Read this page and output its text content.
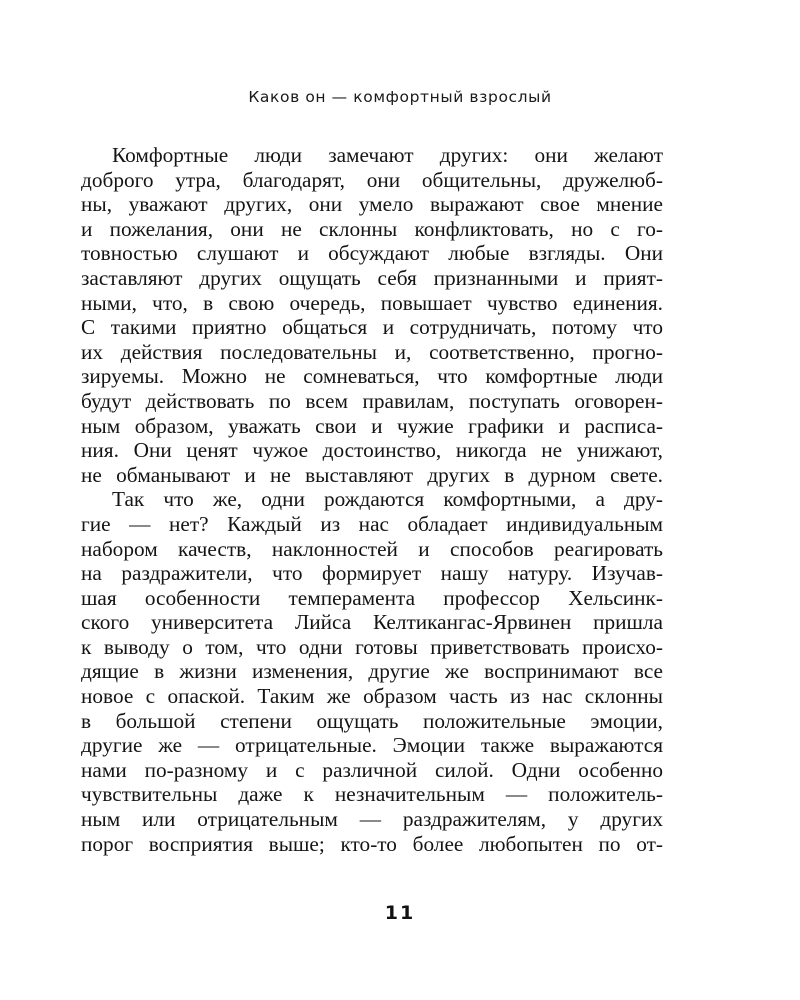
Каков он — комфортный взрослый
Комфортные люди замечают других: они желают
доброго утра, благодарят, они общительны, дружелюб-
ны, уважают других, они умело выражают свое мнение
и пожелания, они не склонны конфликтовать, но с го-
товностью слушают и обсуждают любые взгляды. Они
заставляют других ощущать себя признанными и прият-
ными, что, в свою очередь, повышает чувство единения.
С такими приятно общаться и сотрудничать, потому что
их действия последовательны и, соответственно, прогно-
зируемы. Можно не сомневаться, что комфортные люди
будут действовать по всем правилам, поступать оговорен-
ным образом, уважать свои и чужие графики и расписа-
ния. Они ценят чужое достоинство, никогда не унижают,
не обманывают и не выставляют других в дурном свете.
Так что же, одни рождаются комфортными, а дру-
гие — нет? Каждый из нас обладает индивидуальным
набором качеств, наклонностей и способов реагировать
на раздражители, что формирует нашу натуру. Изучав-
шая особенности темперамента профессор Хельсинк-
ского университета Лийса Келтикангас-Ярвинен пришла
к выводу о том, что одни готовы приветствовать происхо-
дящие в жизни изменения, другие же воспринимают все
новое с опаской. Таким же образом часть из нас склонны
в большой степени ощущать положительные эмоции,
другие же — отрицательные. Эмоции также выражаются
нами по-разному и с различной силой. Одни особенно
чувствительны даже к незначительным — положитель-
ным или отрицательным — раздражителям, у других
порог восприятия выше; кто-то более любопытен по от-
11
